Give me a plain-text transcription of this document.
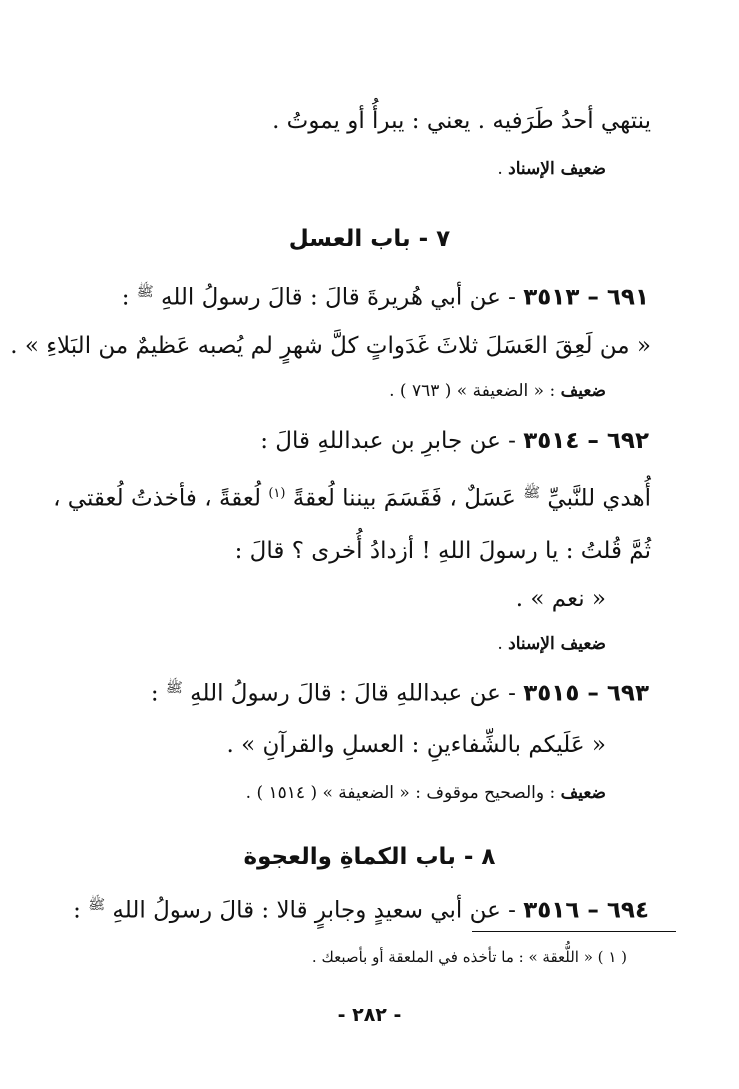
ينتهي أحدُ طَرَفيه . يعني : يبرأُ أو يموتُ .
ضعيف الإسناد .
٧ - باب العسل
٦٩١ – ٣٥١٣ - عن أبي هُريرةَ قالَ : قالَ رسولُ اللهِ $^ﷺ$ :
« من لَعِقَ العَسَلَ ثلاثَ غَدَواتٍ كلَّ شهرٍ لم يُصبه عَظيمٌ من البَلاءِ » .
ضعيف : « الضعيفة » ( ٧٦٣ ) .
٦٩٢ – ٣٥١٤ - عن جابرِ بن عبداللهِ قالَ :
أُهدي للنَّبيِّ $^ﷺ$ عَسَلٌ ، فَقَسَمَ بيننا لُعقةً $^{(١)}$ لُعقةً ، فأخذتُ لُعقتي ،
ثُمَّ قُلتُ : يا رسولَ اللهِ ! أزدادُ أُخرى ؟ قالَ :
« نعم » .
ضعيف الإسناد .
٦٩٣ – ٣٥١٥ - عن عبداللهِ قالَ : قالَ رسولُ اللهِ $^ﷺ$ :
« عَلَيكم بالشِّفاءينِ : العسلِ والقرآنِ » .
ضعيف : والصحيح موقوف : « الضعيفة » ( ١٥١٤ ) .
٨ - باب الكماةِ والعجوة
٦٩٤ – ٣٥١٦ - عن أبي سعيدٍ وجابرٍ قالا : قالَ رسولُ اللهِ $^ﷺ$ :
( ١ ) « اللُّعقة » : ما تأخذه في الملعقة أو بأصبعك .
- ٢٨٢ -
